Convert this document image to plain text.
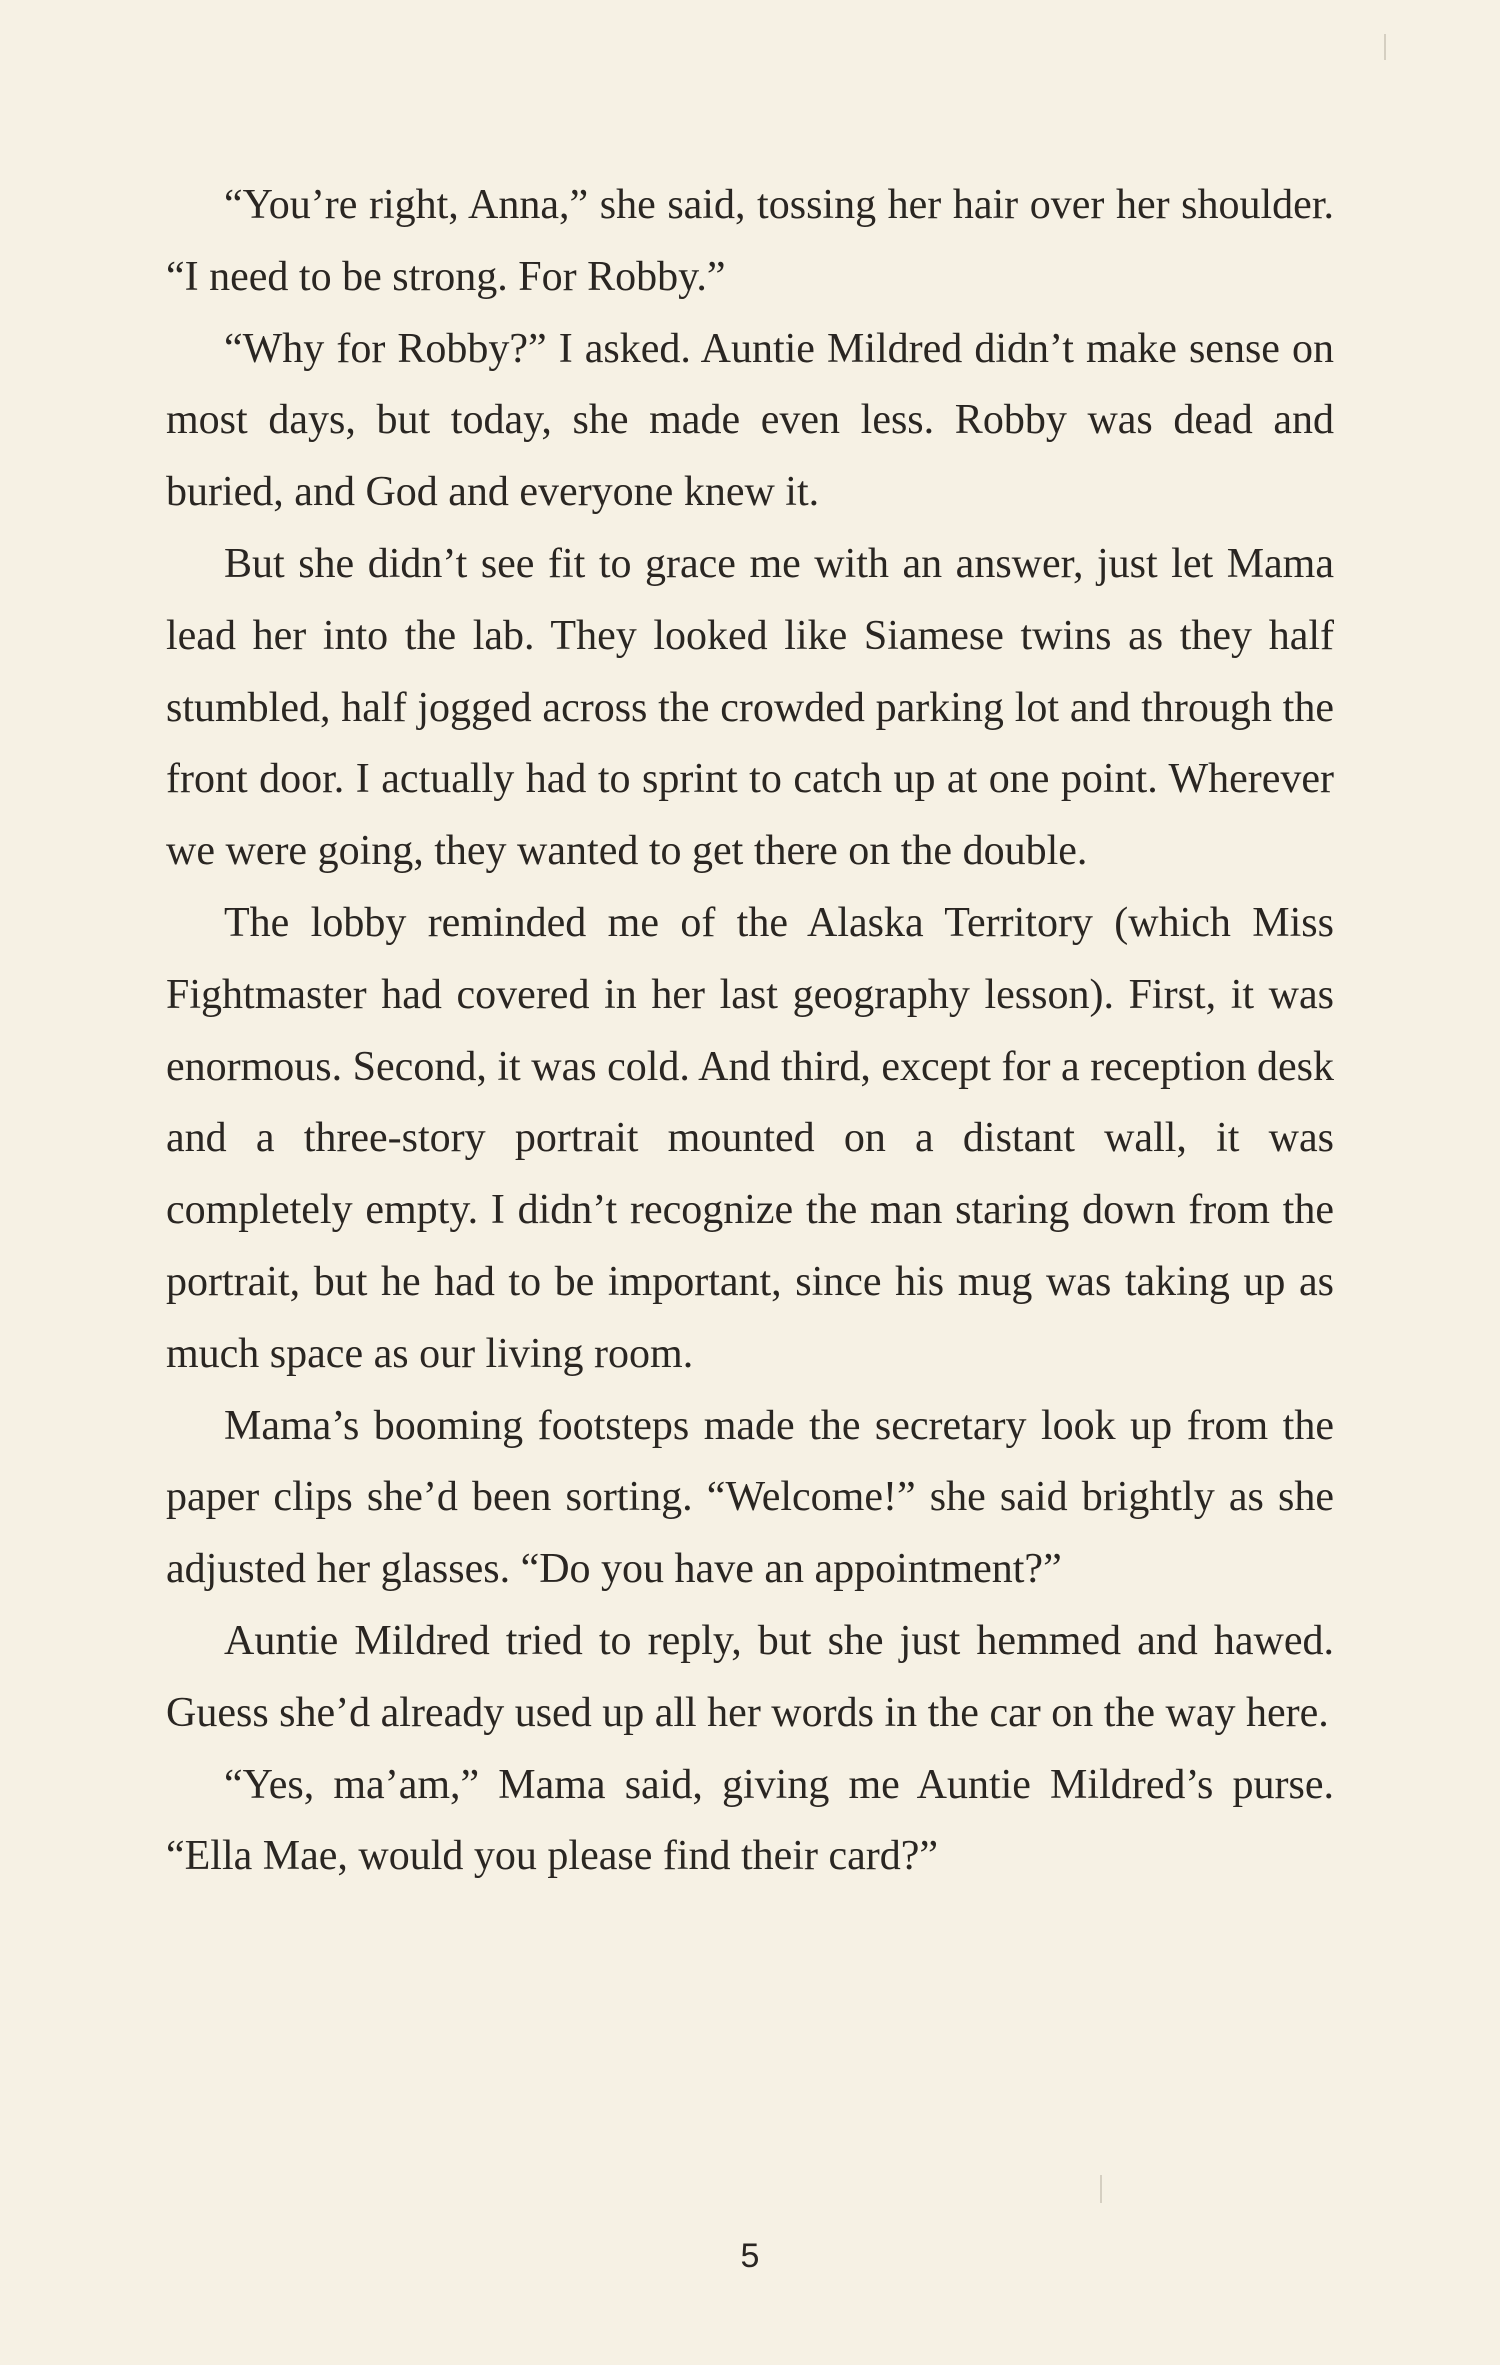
“You’re right, Anna,” she said, tossing her hair over her shoulder. “I need to be strong. For Robby.”

“Why for Robby?” I asked. Auntie Mildred didn’t make sense on most days, but today, she made even less. Robby was dead and buried, and God and everyone knew it.

But she didn’t see fit to grace me with an answer, just let Mama lead her into the lab. They looked like Siamese twins as they half stumbled, half jogged across the crowded parking lot and through the front door. I actually had to sprint to catch up at one point. Wherever we were going, they wanted to get there on the double.

The lobby reminded me of the Alaska Territory (which Miss Fightmaster had covered in her last geography lesson). First, it was enormous. Second, it was cold. And third, except for a reception desk and a three-story portrait mounted on a distant wall, it was completely empty. I didn’t recognize the man staring down from the portrait, but he had to be important, since his mug was taking up as much space as our living room.

Mama’s booming footsteps made the secretary look up from the paper clips she’d been sorting. “Welcome!” she said brightly as she adjusted her glasses. “Do you have an appointment?”

Auntie Mildred tried to reply, but she just hemmed and hawed. Guess she’d already used up all her words in the car on the way here.

“Yes, ma’am,” Mama said, giving me Auntie Mildred’s purse. “Ella Mae, would you please find their card?”

5
